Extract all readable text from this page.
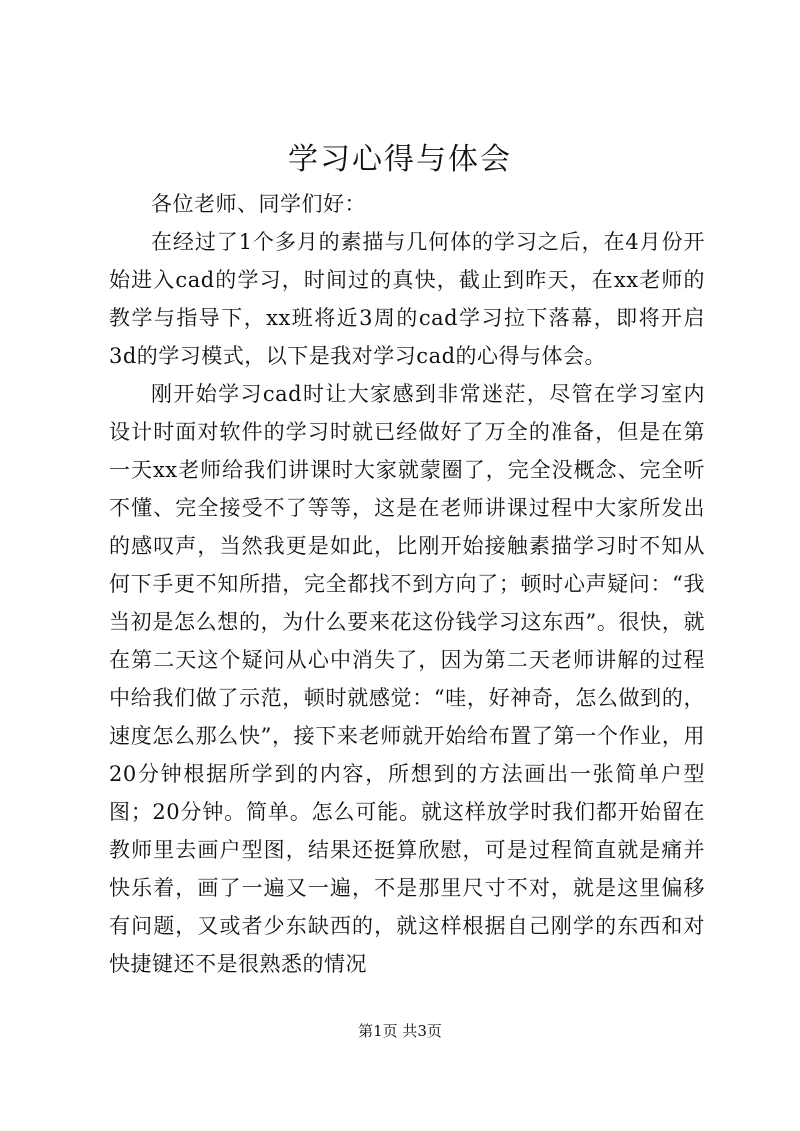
学习心得与体会

各位老师、同学们好：

在经过了1个多月的素描与几何体的学习之后，在4月份开始进入cad的学习，时间过的真快，截止到昨天，在xx老师的教学与指导下，xx班将近3周的cad学习拉下落幕，即将开启3d的学习模式，以下是我对学习cad的心得与体会。

刚开始学习cad时让大家感到非常迷茫，尽管在学习室内设计时面对软件的学习时就已经做好了万全的准备，但是在第一天xx老师给我们讲课时大家就蒙圈了，完全没概念、完全听不懂、完全接受不了等等，这是在老师讲课过程中大家所发出的感叹声，当然我更是如此，比刚开始接触素描学习时不知从何下手更不知所措，完全都找不到方向了；顿时心声疑问：“我当初是怎么想的，为什么要来花这份钱学习这东西”。很快，就在第二天这个疑问从心中消失了，因为第二天老师讲解的过程中给我们做了示范，顿时就感觉：“哇，好神奇，怎么做到的，速度怎么那么快”，接下来老师就开始给布置了第一个作业，用20分钟根据所学到的内容，所想到的方法画出一张简单户型图；20分钟。简单。怎么可能。就这样放学时我们都开始留在教师里去画户型图，结果还挺算欣慰，可是过程简直就是痛并快乐着，画了一遍又一遍，不是那里尺寸不对，就是这里偏移有问题，又或者少东缺西的，就这样根据自己刚学的东西和对快捷键还不是很熟悉的情况

第1页 共3页
